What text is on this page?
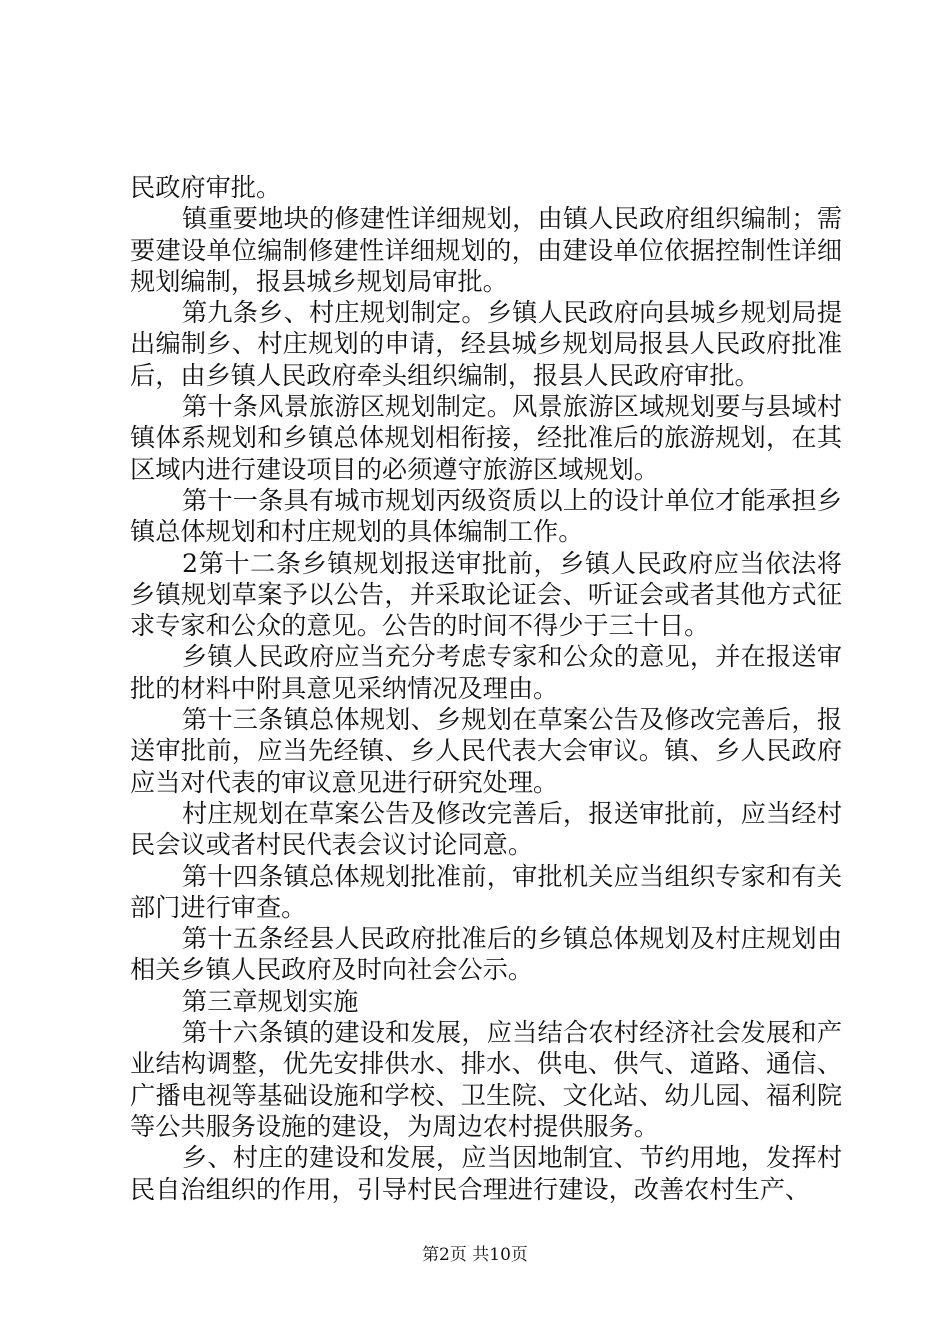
民政府审批。

镇重要地块的修建性详细规划，由镇人民政府组织编制；需要建设单位编制修建性详细规划的，由建设单位依据控制性详细规划编制，报县城乡规划局审批。

第九条乡、村庄规划制定。乡镇人民政府向县城乡规划局提出编制乡、村庄规划的申请，经县城乡规划局报县人民政府批准后，由乡镇人民政府牵头组织编制，报县人民政府审批。

第十条风景旅游区规划制定。风景旅游区域规划要与县域村镇体系规划和乡镇总体规划相衔接，经批准后的旅游规划，在其区域内进行建设项目的必须遵守旅游区域规划。

第十一条具有城市规划丙级资质以上的设计单位才能承担乡镇总体规划和村庄规划的具体编制工作。

2第十二条乡镇规划报送审批前，乡镇人民政府应当依法将乡镇规划草案予以公告，并采取论证会、听证会或者其他方式征求专家和公众的意见。公告的时间不得少于三十日。

乡镇人民政府应当充分考虑专家和公众的意见，并在报送审批的材料中附具意见采纳情况及理由。

第十三条镇总体规划、乡规划在草案公告及修改完善后，报送审批前，应当先经镇、乡人民代表大会审议。镇、乡人民政府应当对代表的审议意见进行研究处理。

村庄规划在草案公告及修改完善后，报送审批前，应当经村民会议或者村民代表会议讨论同意。

第十四条镇总体规划批准前，审批机关应当组织专家和有关部门进行审查。

第十五条经县人民政府批准后的乡镇总体规划及村庄规划由相关乡镇人民政府及时向社会公示。

第三章规划实施

第十六条镇的建设和发展，应当结合农村经济社会发展和产业结构调整，优先安排供水、排水、供电、供气、道路、通信、广播电视等基础设施和学校、卫生院、文化站、幼儿园、福利院等公共服务设施的建设，为周边农村提供服务。

乡、村庄的建设和发展，应当因地制宜、节约用地，发挥村民自治组织的作用，引导村民合理进行建设，改善农村生产、

第2页 共10页
